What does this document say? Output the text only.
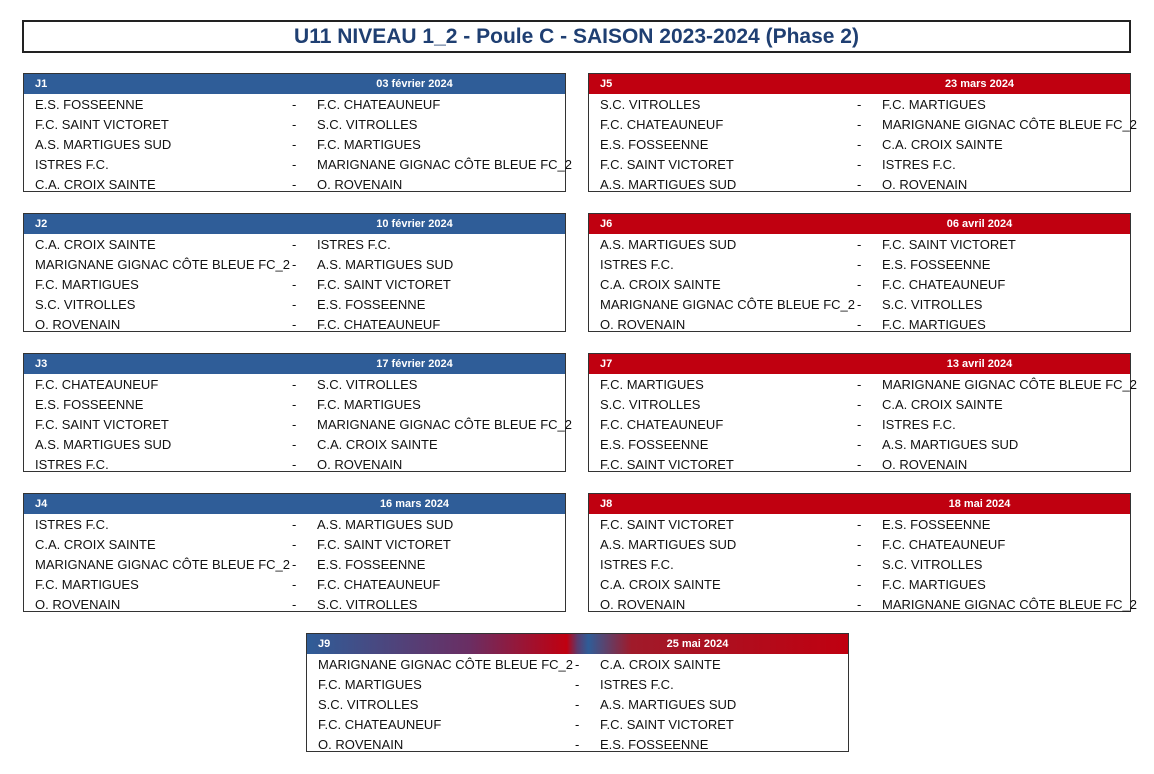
U11 NIVEAU 1_2 - Poule C - SAISON 2023-2024 (Phase 2)
J1	03 février 2024
E.S. FOSSEENNE	- F.C. CHATEAUNEUF
F.C. SAINT VICTORET	- S.C. VITROLLES
A.S. MARTIGUES SUD	- F.C. MARTIGUES
ISTRES F.C.	- MARIGNANE GIGNAC CÔTE BLEUE FC_2
C.A. CROIX SAINTE	- O. ROVENAIN
J5	23 mars 2024
S.C. VITROLLES	- F.C. MARTIGUES
F.C. CHATEAUNEUF	- MARIGNANE GIGNAC CÔTE BLEUE FC_2
E.S. FOSSEENNE	- C.A. CROIX SAINTE
F.C. SAINT VICTORET	- ISTRES F.C.
A.S. MARTIGUES SUD	- O. ROVENAIN
J2	10 février 2024
C.A. CROIX SAINTE	- ISTRES F.C.
MARIGNANE GIGNAC CÔTE BLEUE FC_2 - A.S. MARTIGUES SUD
F.C. MARTIGUES	- F.C. SAINT VICTORET
S.C. VITROLLES	- E.S. FOSSEENNE
O. ROVENAIN	- F.C. CHATEAUNEUF
J6	06 avril 2024
A.S. MARTIGUES SUD	- F.C. SAINT VICTORET
ISTRES F.C.	- E.S. FOSSEENNE
C.A. CROIX SAINTE	- F.C. CHATEAUNEUF
MARIGNANE GIGNAC CÔTE BLEUE FC_2 - S.C. VITROLLES
O. ROVENAIN	- F.C. MARTIGUES
J3	17 février 2024
F.C. CHATEAUNEUF	- S.C. VITROLLES
E.S. FOSSEENNE	- F.C. MARTIGUES
F.C. SAINT VICTORET	- MARIGNANE GIGNAC CÔTE BLEUE FC_2
A.S. MARTIGUES SUD	- C.A. CROIX SAINTE
ISTRES F.C.	- O. ROVENAIN
J7	13 avril 2024
F.C. MARTIGUES	- MARIGNANE GIGNAC CÔTE BLEUE FC_2
S.C. VITROLLES	- C.A. CROIX SAINTE
F.C. CHATEAUNEUF	- ISTRES F.C.
E.S. FOSSEENNE	- A.S. MARTIGUES SUD
F.C. SAINT VICTORET	- O. ROVENAIN
J4	16 mars 2024
ISTRES F.C.	- A.S. MARTIGUES SUD
C.A. CROIX SAINTE	- F.C. SAINT VICTORET
MARIGNANE GIGNAC CÔTE BLEUE FC_2 - E.S. FOSSEENNE
F.C. MARTIGUES	- F.C. CHATEAUNEUF
O. ROVENAIN	- S.C. VITROLLES
J8	18 mai 2024
F.C. SAINT VICTORET	- E.S. FOSSEENNE
A.S. MARTIGUES SUD	- F.C. CHATEAUNEUF
ISTRES F.C.	- S.C. VITROLLES
C.A. CROIX SAINTE	- F.C. MARTIGUES
O. ROVENAIN	- MARIGNANE GIGNAC CÔTE BLEUE FC_2
J9	25 mai 2024
MARIGNANE GIGNAC CÔTE BLEUE FC_2 - C.A. CROIX SAINTE
F.C. MARTIGUES	- ISTRES F.C.
S.C. VITROLLES	- A.S. MARTIGUES SUD
F.C. CHATEAUNEUF	- F.C. SAINT VICTORET
O. ROVENAIN	- E.S. FOSSEENNE
